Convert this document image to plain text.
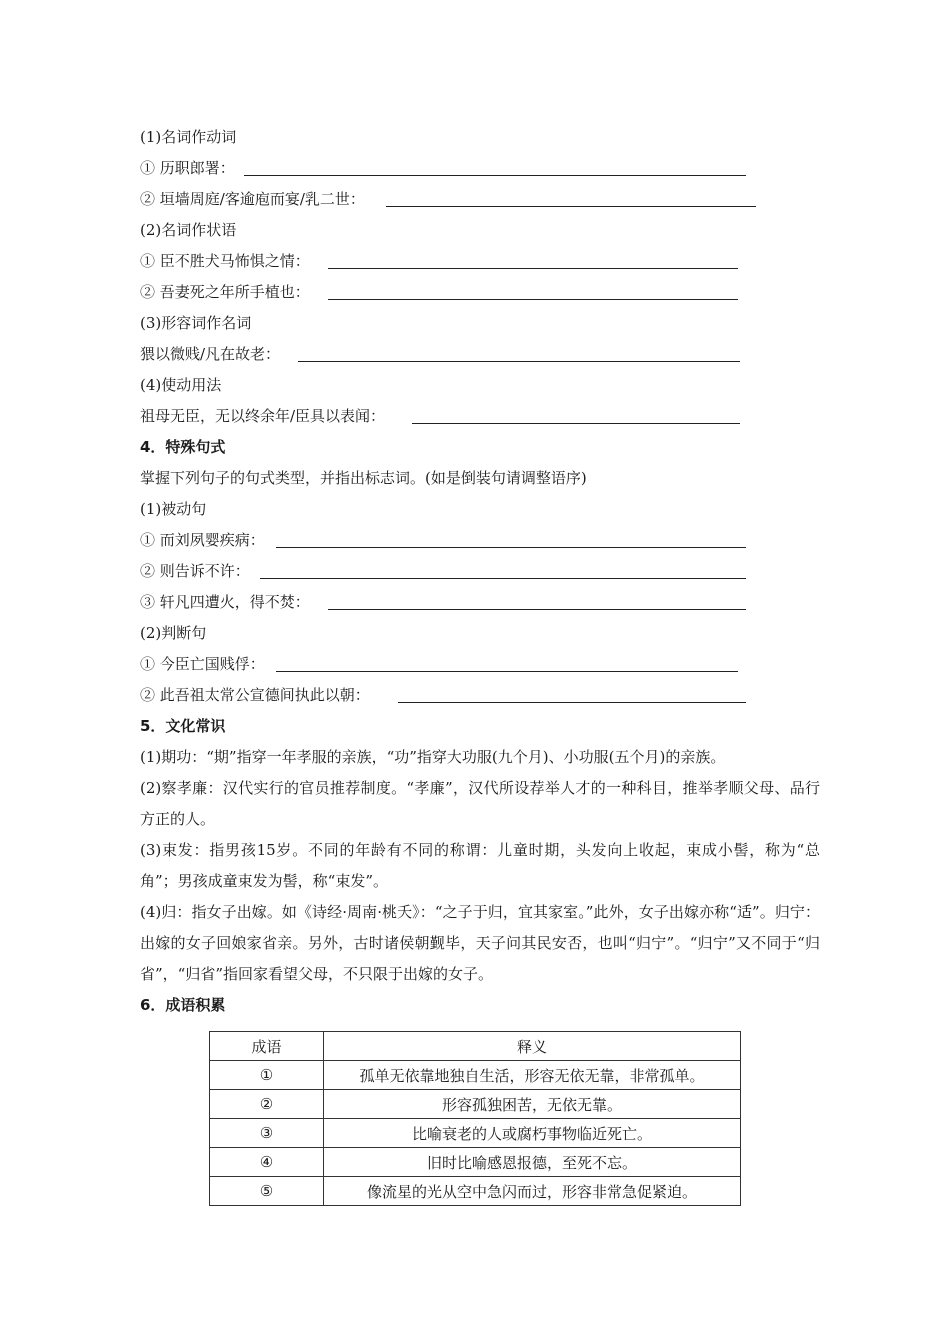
(1)名词作动词
① 历职郎署：
② 垣墙周庭/客逾庖而宴/乳二世：
(2)名词作状语
① 臣不胜犬马怖惧之情：
② 吾妻死之年所手植也：
(3)形容词作名词
猥以微贱/凡在故老：
(4)使动用法
祖母无臣，无以终余年/臣具以表闻：
4．特殊句式
掌握下列句子的句式类型，并指出标志词。(如是倒装句请调整语序)
(1)被动句
① 而刘夙婴疾病：
② 则告诉不许：
③ 轩凡四遭火，得不焚：
(2)判断句
① 今臣亡国贱俘：
② 此吾祖太常公宣德间执此以朝：
5．文化常识
(1)期功：“期”指穿一年孝服的亲族，“功”指穿大功服(九个月)、小功服(五个月)的亲族。
(2)察孝廉：汉代实行的官员推荐制度。“孝廉”，汉代所设荐举人才的一种科目，推举孝顺父母、品行方正的人。
(3)束发：指男孩15岁。不同的年龄有不同的称谓：儿童时期，头发向上收起，束成小髻，称为“总角”；男孩成童束发为髻，称“束发”。
(4)归：指女子出嫁。如《诗经·周南·桃夭》：“之子于归，宜其家室。”此外，女子出嫁亦称“适”。归宁：出嫁的女子回娘家省亲。另外，古时诸侯朝觐毕，天子问其民安否，也叫“归宁”。“归宁”又不同于“归省”，“归省”指回家看望父母，不只限于出嫁的女子。
6．成语积累
成语	释义
①	孤单无依靠地独自生活，形容无依无靠，非常孤单。
②	形容孤独困苦，无依无靠。
③	比喻衰老的人或腐朽事物临近死亡。
④	旧时比喻感恩报德，至死不忘。
⑤	像流星的光从空中急闪而过，形容非常急促紧迫。
